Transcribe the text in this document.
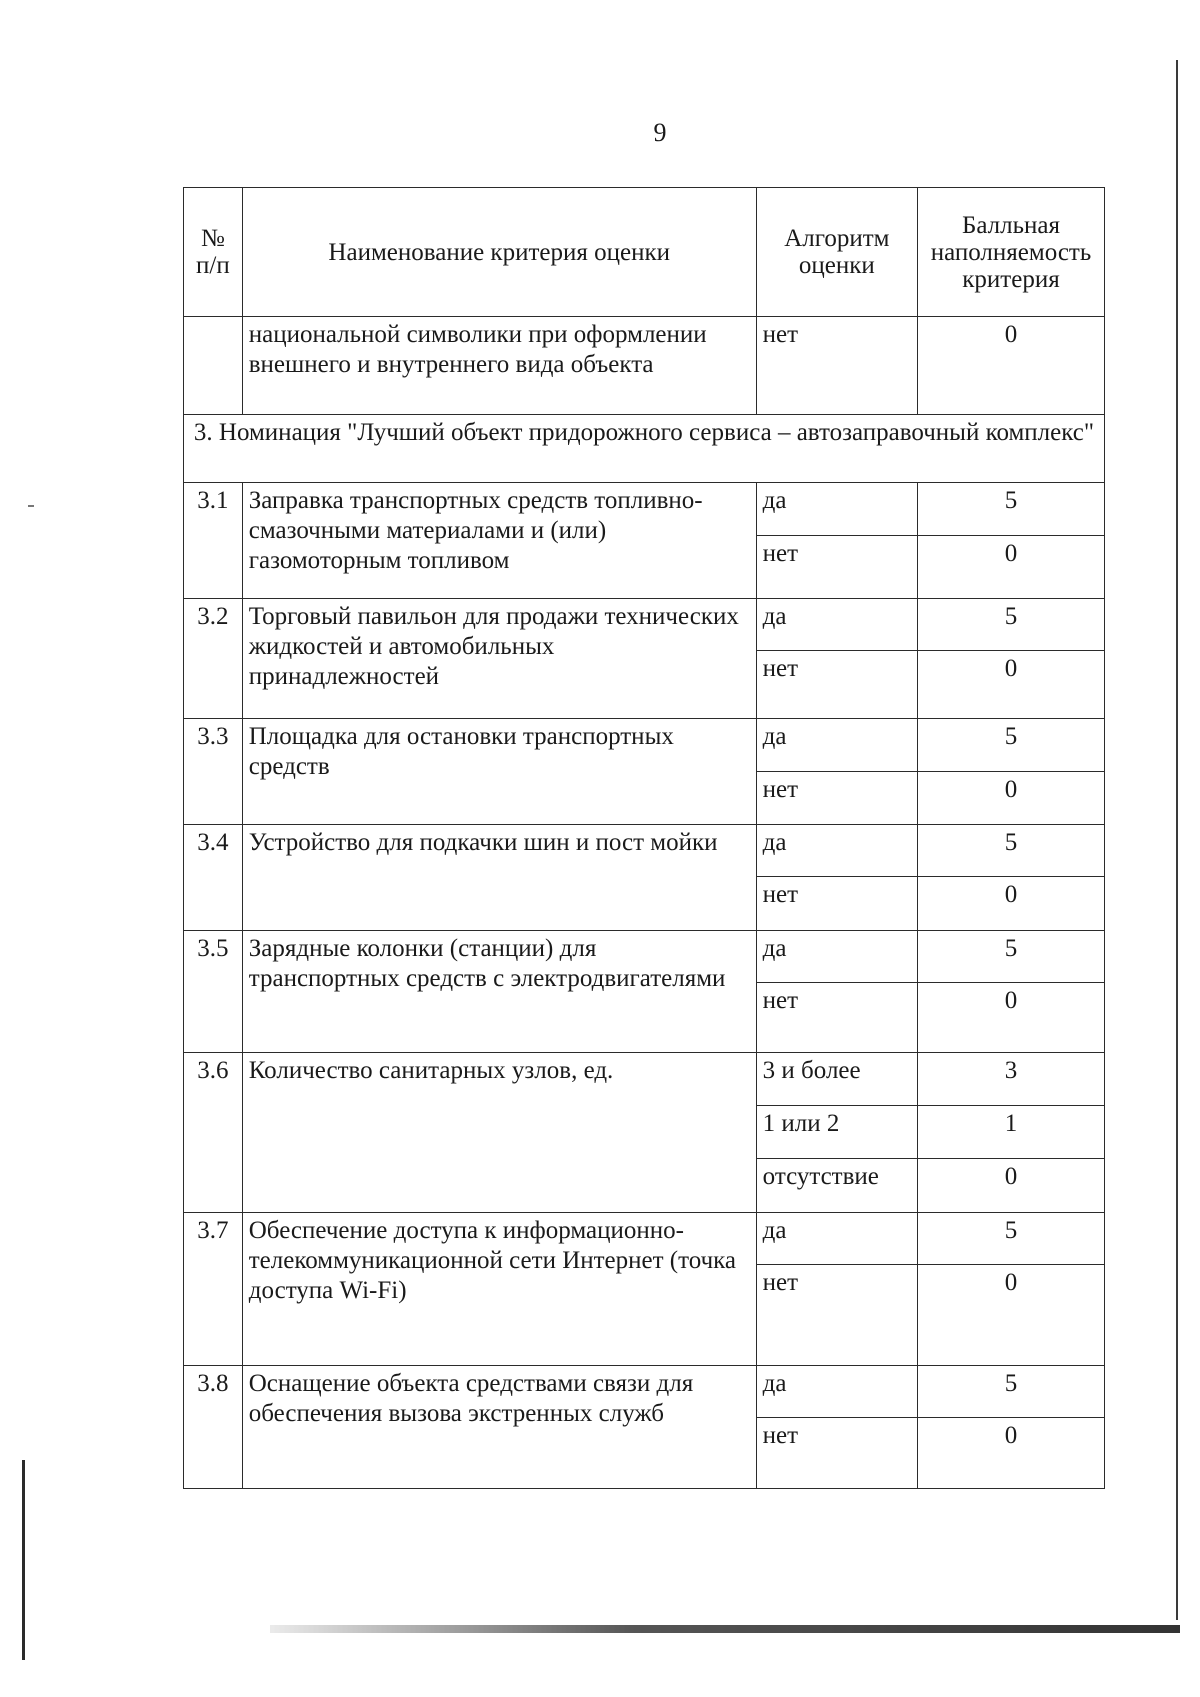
9
№ п/п	Наименование критерия оценки	Алгоритм оценки	Балльная наполняемость критерия
	национальной символики при оформлении внешнего и внутреннего вида объекта	нет	0
3. Номинация "Лучший объект придорожного сервиса – автозаправочный комплекс"			
3.1	Заправка транспортных средств топливно-смазочными материалами и (или) газомоторным топливом	да	5
		нет	0
3.2	Торговый павильон для продажи технических жидкостей и автомобильных принадлежностей	да	5
		нет	0
3.3	Площадка для остановки транспортных средств	да	5
		нет	0
3.4	Устройство для подкачки шин и пост мойки	да	5
		нет	0
3.5	Зарядные колонки (станции) для транспортных средств с электродвигателями	да	5
		нет	0
3.6	Количество санитарных узлов, ед.	3 и более	3
		1 или 2	1
		отсутствие	0
3.7	Обеспечение доступа к информационно-телекоммуникационной сети Интернет (точка доступа Wi-Fi)	да	5
		нет	0
3.8	Оснащение объекта средствами связи для обеспечения вызова экстренных служб	да	5
		нет	0
